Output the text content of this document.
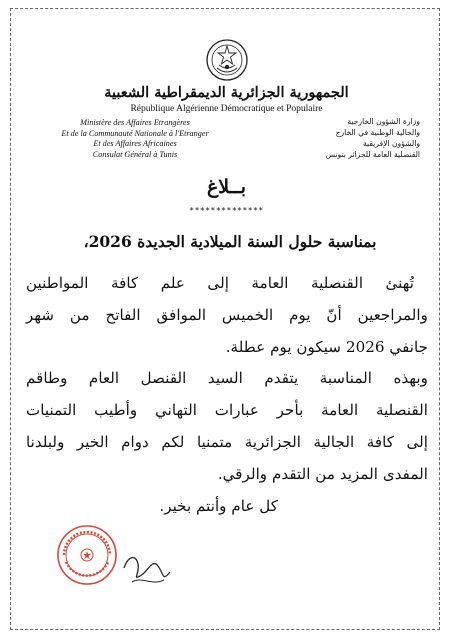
الجمهورية الجزائرية الديمقراطية الشعبية
République Algérienne Démocratique et Populaire
Ministère des Affaires Etrangères
Et de la Communauté Nationale à l'Etranger
Et des Affaires Africaines
Consulat Général à Tunis
وزارة الشؤون الخارجية
والجالية الوطنية في الخارج
والشؤون الإفريقية
القنصلية العامة للجزائر بتونس
بــلاغ
**************
بمناسبة حلول السنة الميلادية الجديدة 2026،
تُهنئ القنصلية العامة إلى علم كافة المواطنين
والمراجعين أنّ يوم الخميس الموافق الفاتح من شهر
جانفي 2026 سيكون يوم عطلة.
وبهذه المناسبة يتقدم السيد القنصل العام وطاقم
القنصلية العامة بأحر عبارات التهاني وأطيب التمنيات
إلى كافة الجالية الجزائرية متمنيا لكم دوام الخير ولبلدنا
المفدى المزيد من التقدم والرقي.
كل عام وأنتم بخير.
